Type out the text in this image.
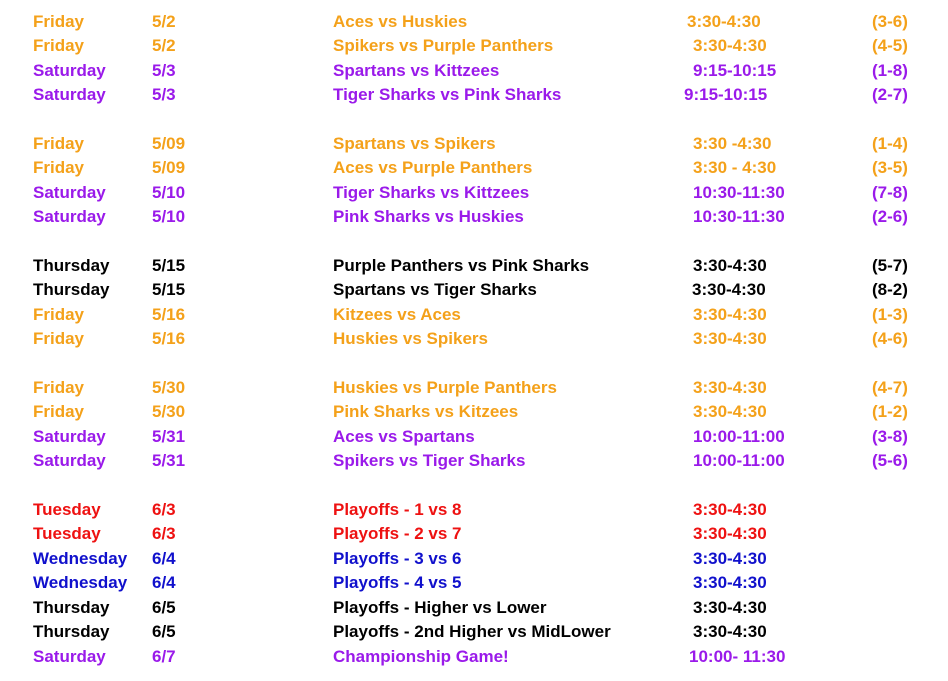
Friday	5/2	Aces vs Huskies	3:30-4:30	(3-6)
Friday	5/2	Spikers vs Purple Panthers	3:30-4:30	(4-5)
Saturday	5/3	Spartans vs Kittzees	9:15-10:15	(1-8)
Saturday	5/3	Tiger Sharks vs Pink Sharks	9:15-10:15	(2-7)
Friday	5/09	Spartans vs Spikers	3:30 -4:30	(1-4)
Friday	5/09	Aces vs Purple Panthers	3:30 - 4:30	(3-5)
Saturday	5/10	Tiger Sharks vs Kittzees	10:30-11:30	(7-8)
Saturday	5/10	Pink Sharks vs Huskies	10:30-11:30	(2-6)
Thursday 5/15	Purple Panthers vs Pink Sharks	3:30-4:30	(5-7)
Thursday 5/15	Spartans vs Tiger Sharks	3:30-4:30	(8-2)
Friday	5/16	Kitzees vs Aces	3:30-4:30	(1-3)
Friday	5/16	Huskies vs Spikers	3:30-4:30	(4-6)
Friday	5/30	Huskies vs Purple Panthers	3:30-4:30	(4-7)
Friday	5/30	Pink Sharks vs Kitzees	3:30-4:30	(1-2)
Saturday	5/31	Aces vs Spartans	10:00-11:00	(3-8)
Saturday	5/31	Spikers vs Tiger Sharks	10:00-11:00	(5-6)
Tuesday	6/3	Playoffs - 1 vs 8	3:30-4:30
Tuesday	6/3	Playoffs - 2 vs 7	3:30-4:30
Wednesday 6/4	Playoffs - 3 vs 6	3:30-4:30
Wednesday 6/4	Playoffs - 4 vs 5	3:30-4:30
Thursday 6/5	Playoffs - Higher vs Lower	3:30-4:30
Thursday 6/5	Playoffs - 2nd Higher vs MidLower	3:30-4:30
Saturday	6/7	Championship Game!	10:00- 11:30
